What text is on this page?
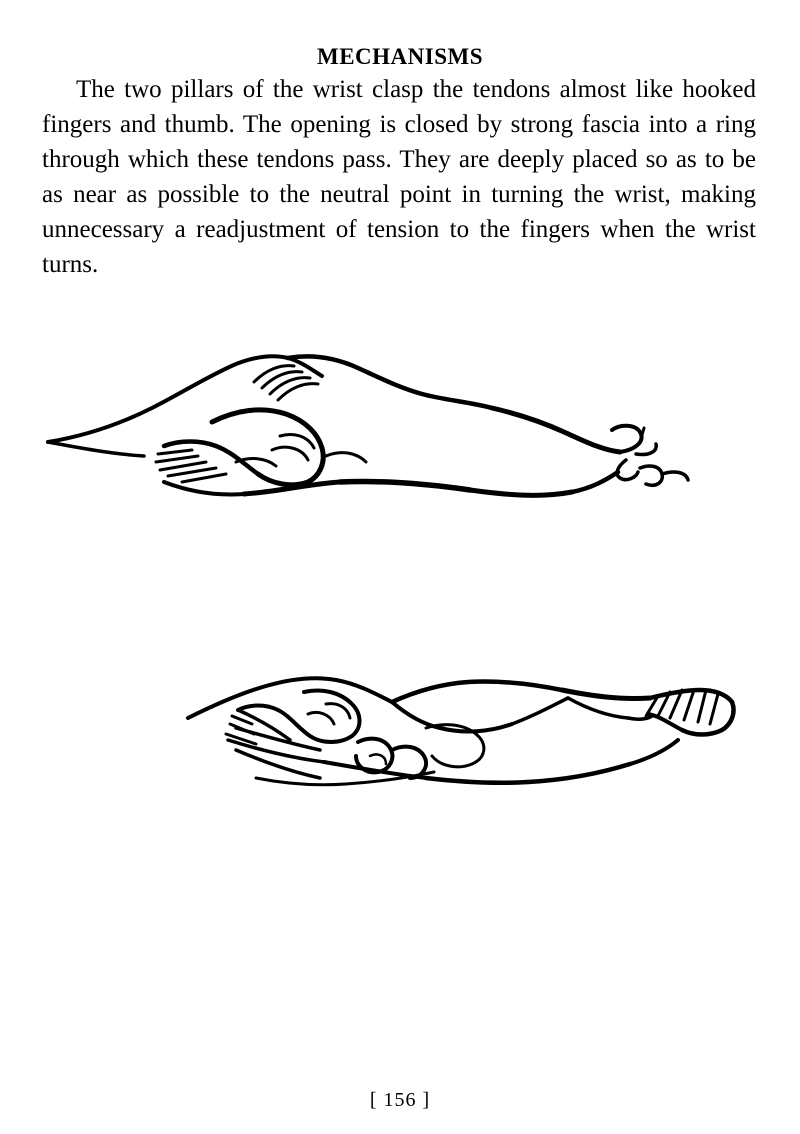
MECHANISMS

The two pillars of the wrist clasp the tendons almost like hooked fingers and thumb. The opening is closed by strong fascia into a ring through which these tendons pass. They are deeply placed so as to be as near as possible to the neutral point in turning the wrist, making unnecessary a readjustment of tension to the fingers when the wrist turns.

[ 156 ]
